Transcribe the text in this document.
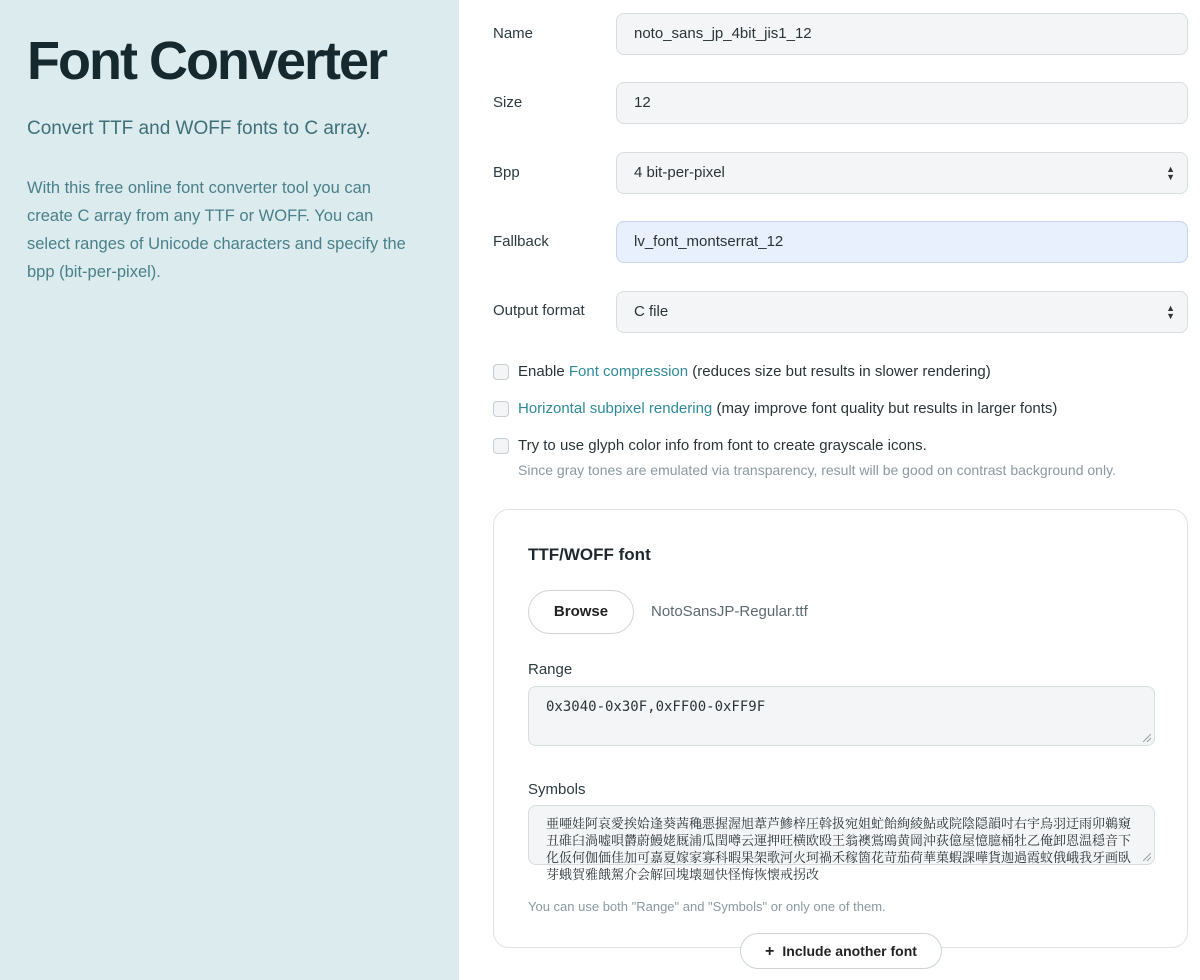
Font Converter
Convert TTF and WOFF fonts to C array.
With this free online font converter tool you can create C array from any TTF or WOFF. You can select ranges of Unicode characters and specify the bpp (bit-per-pixel).
Name	noto_sans_jp_4bit_jis1_12
Size	12
Bpp	4 bit-per-pixel	▲
▼
Fallback	lv_font_montserrat_12
Output format	C file	▲
▼
Enable Font compression (reduces size but results in slower rendering)
Horizontal subpixel rendering (may improve font quality but results in larger fonts)
Try to use glyph color info from font to create grayscale icons.
Since gray tones are emulated via transparency, result will be good on contrast background only.
TTF/WOFF font
Browse	NotoSansJP-Regular.ttf
Range
0x3040-0x30F,0xFF00-0xFF9F
Symbols
亜唖娃阿哀愛挨姶逢葵茜穐悪握渥旭葦芦鯵梓圧斡扱宛姐虻飴絢綾鮎或院陰隠韻吋右宇烏羽迂雨卯鵜窺丑碓臼渦嘘唄欝蔚鰻姥厩浦瓜閏噂云運押旺横欧殴王翁襖鴬鴎黄岡沖荻億屋憶臆桶牡乙俺卸恩温穏音下化仮何伽価佳加可嘉夏嫁家寡科暇果架歌河火珂禍禾稼箇花苛茄荷華菓蝦課嘩貨迦過霞蚊俄峨我牙画臥芽蛾賀雅餓駕介会解回塊壊廻快怪悔恢懐戒拐改
You can use both "Range" and "Symbols" or only one of them.
+ Include another font
